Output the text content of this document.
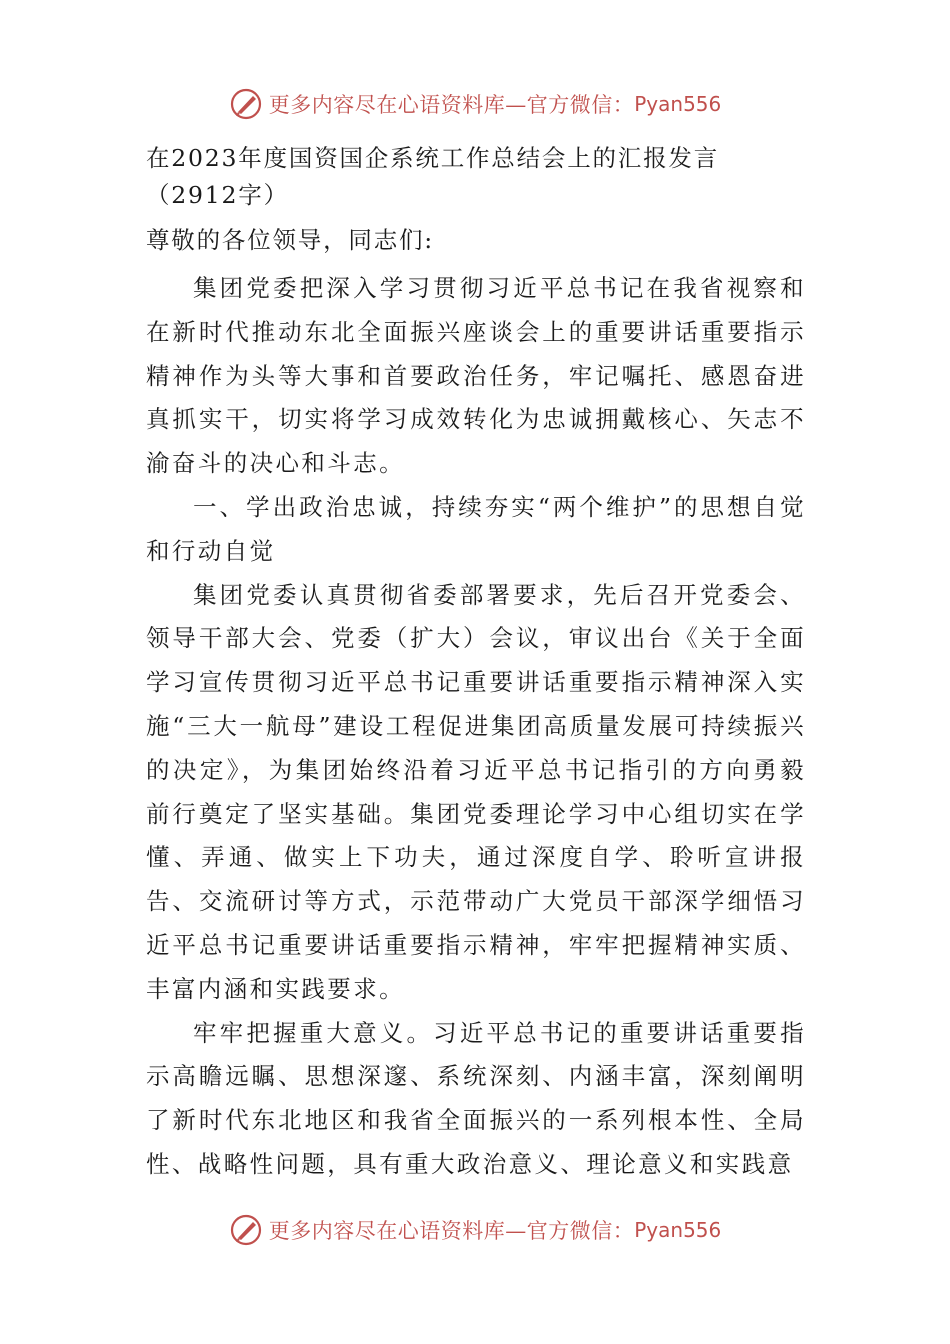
更多内容尽在心语资料库—官方微信： Pyan556
在2023年度国资国企系统工作总结会上的汇报发言（2912字）
尊敬的各位领导，同志们:

集团党委把深入学习贯彻习近平总书记在我省视察和在新时代推动东北全面振兴座谈会上的重要讲话重要指示精神作为头等大事和首要政治任务，牢记嘱托、感恩奋进真抓实干，切实将学习成效转化为忠诚拥戴核心、矢志不渝奋斗的决心和斗志。

一、学出政治忠诚，持续夯实“两个维护”的思想自觉和行动自觉

集团党委认真贯彻省委部署要求，先后召开党委会、领导干部大会、党委（扩大）会议，审议出台《关于全面学习宣传贯彻习近平总书记重要讲话重要指示精神深入实施“三大一航母”建设工程促进集团高质量发展可持续振兴的决定》，为集团始终沿着习近平总书记指引的方向勇毅前行奠定了坚实基础。集团党委理论学习中心组切实在学懂、弄通、做实上下功夫，通过深度自学、聆听宣讲报告、交流研讨等方式，示范带动广大党员干部深学细悟习近平总书记重要讲话重要指示精神，牢牢把握精神实质、丰富内涵和实践要求。

牢牢把握重大意义。习近平总书记的重要讲话重要指示高瞻远瞩、思想深邃、系统深刻、内涵丰富，深刻阐明了新时代东北地区和我省全面振兴的一系列根本性、全局性、战略性问题，具有重大政治意义、理论意义和实践意

更多内容尽在心语资料库—官方微信： Pyan556
